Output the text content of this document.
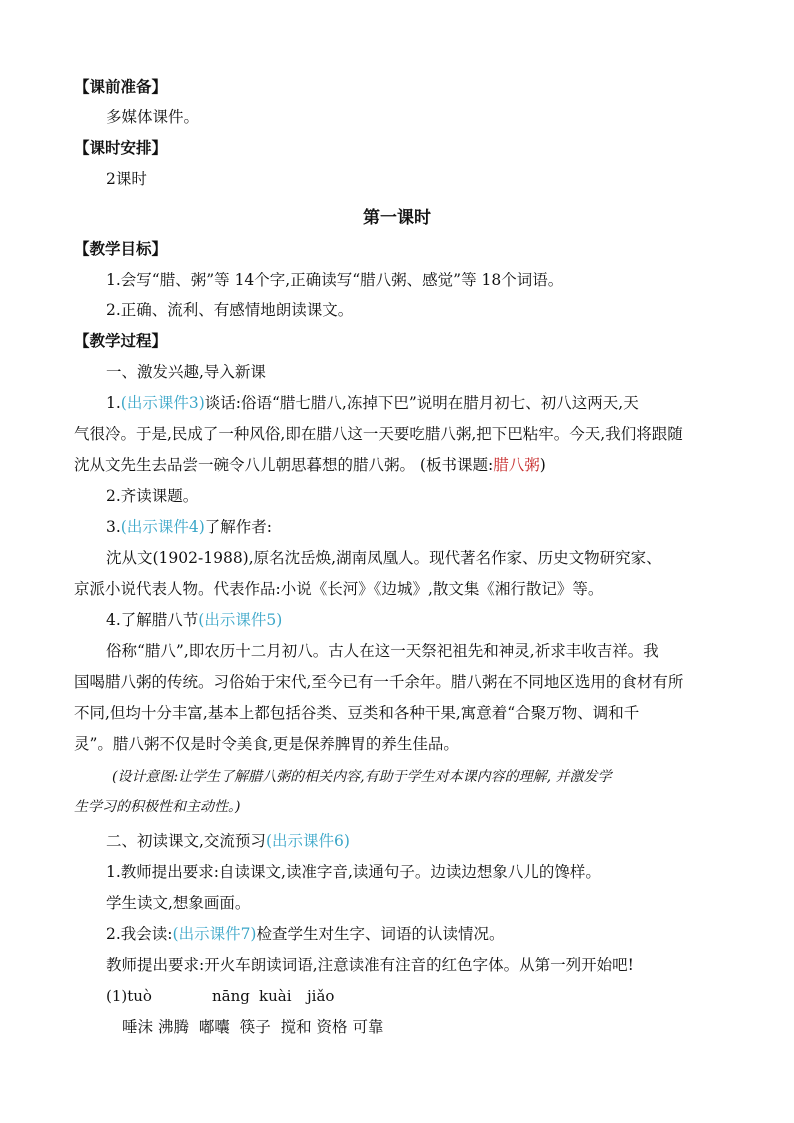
【课前准备】
多媒体课件。
【课时安排】
2课时
第一课时
【教学目标】
1.会写“腊、粥”等 14个字,正确读写“腊八粥、感觉”等 18个词语。
2.正确、流利、有感情地朗读课文。
【教学过程】
一、激发兴趣,导入新课
1.(出示课件3)谈话:俗语“腊七腊八,冻掉下巴”说明在腊月初七、初八这两天,天
气很冷。于是,民成了一种风俗,即在腊八这一天要吃腊八粥,把下巴粘牢。今天,我们将跟随
沈从文先生去品尝一碗令八儿朝思暮想的腊八粥。 (板书课题:腊八粥)
2.齐读课题。
3.(出示课件4)了解作者:
沈从文(1902-1988),原名沈岳焕,湖南凤凰人。现代著名作家、历史文物研究家、
京派小说代表人物。代表作品:小说《长河》《边城》,散文集《湘行散记》等。
4.了解腊八节(出示课件5)
俗称“腊八”,即农历十二月初八。古人在这一天祭祀祖先和神灵,祈求丰收吉祥。我
国喝腊八粥的传统。习俗始于宋代,至今已有一千余年。腊八粥在不同地区选用的食材有所
不同,但均十分丰富,基本上都包括谷类、豆类和各种干果,寓意着“合聚万物、调和千
灵”。腊八粥不仅是时令美食,更是保养脾胃的养生佳品。
(设计意图:让学生了解腊八粥的相关内容,有助于学生对本课内容的理解, 并激发学
生学习的积极性和主动性。)
二、初读课文,交流预习(出示课件6)
1.教师提出要求:自读课文,读准字音,读通句子。边读边想象八儿的馋样。
学生读文,想象画面。
2.我会读:(出示课件7)检查学生对生字、词语的认读情况。
教师提出要求:开火车朗读词语,注意读准有注音的红色字体。从第一列开始吧!
(1)tuò	nāng kuài jiǎo
唾沫 沸腾 嘟囔 筷子 搅和 资格 可靠
